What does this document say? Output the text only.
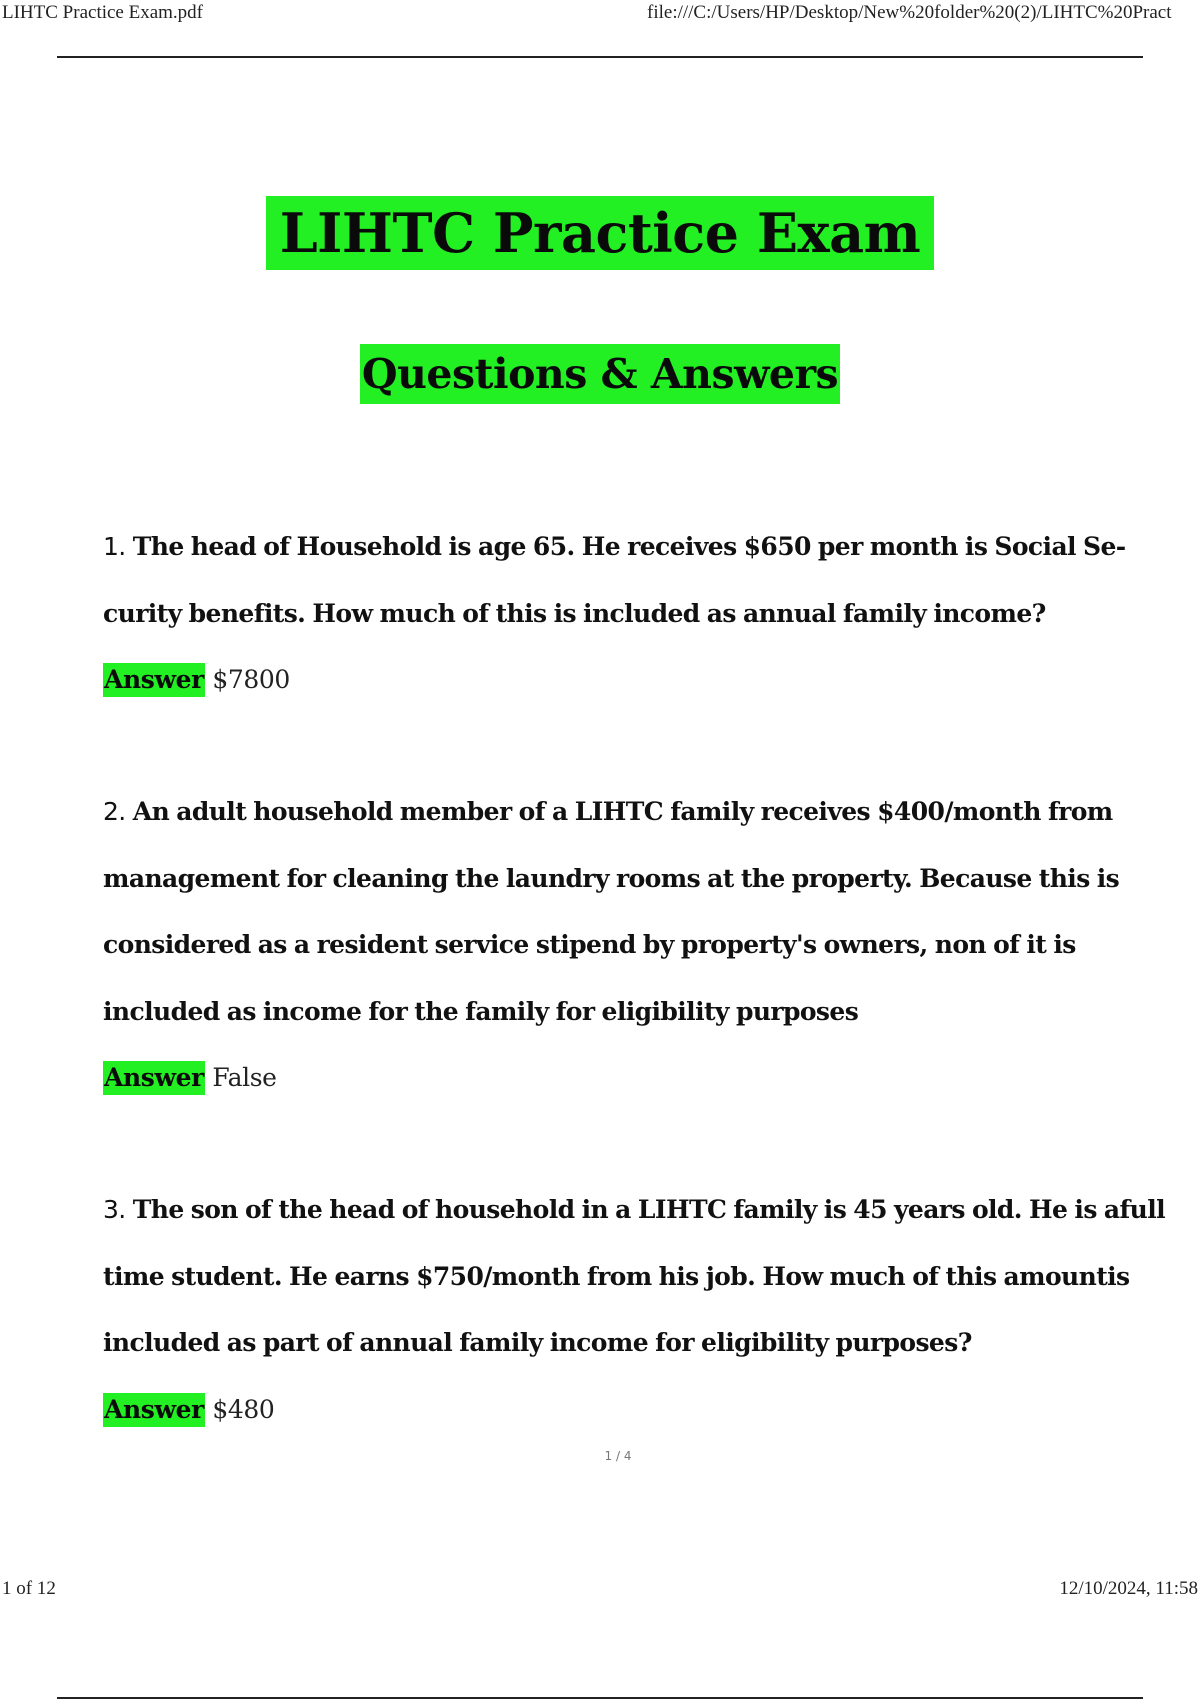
LIHTC Practice Exam.pdf	file:///C:/Users/HP/Desktop/New%20folder%20(2)/LIHTC%20Pract
LIHTC Practice Exam
Questions & Answers

1. The head of Household is age 65. He receives $650 per month is Social Se-
curity benefits. How much of this is included as annual family income?

Answer $7800

2. An adult household member of a LIHTC family receives $400/month from
management for cleaning the laundry rooms at the property. Because this is
considered as a resident service stipend by property's owners, non of it is
included as income for the family for eligibility purposes

Answer False

3. The son of the head of household in a LIHTC family is 45 years old. He is afull
time student. He earns $750/month from his job. How much of this amountis
included as part of annual family income for eligibility purposes?

Answer $480
1 / 4
1 of 12	12/10/2024, 11:58
